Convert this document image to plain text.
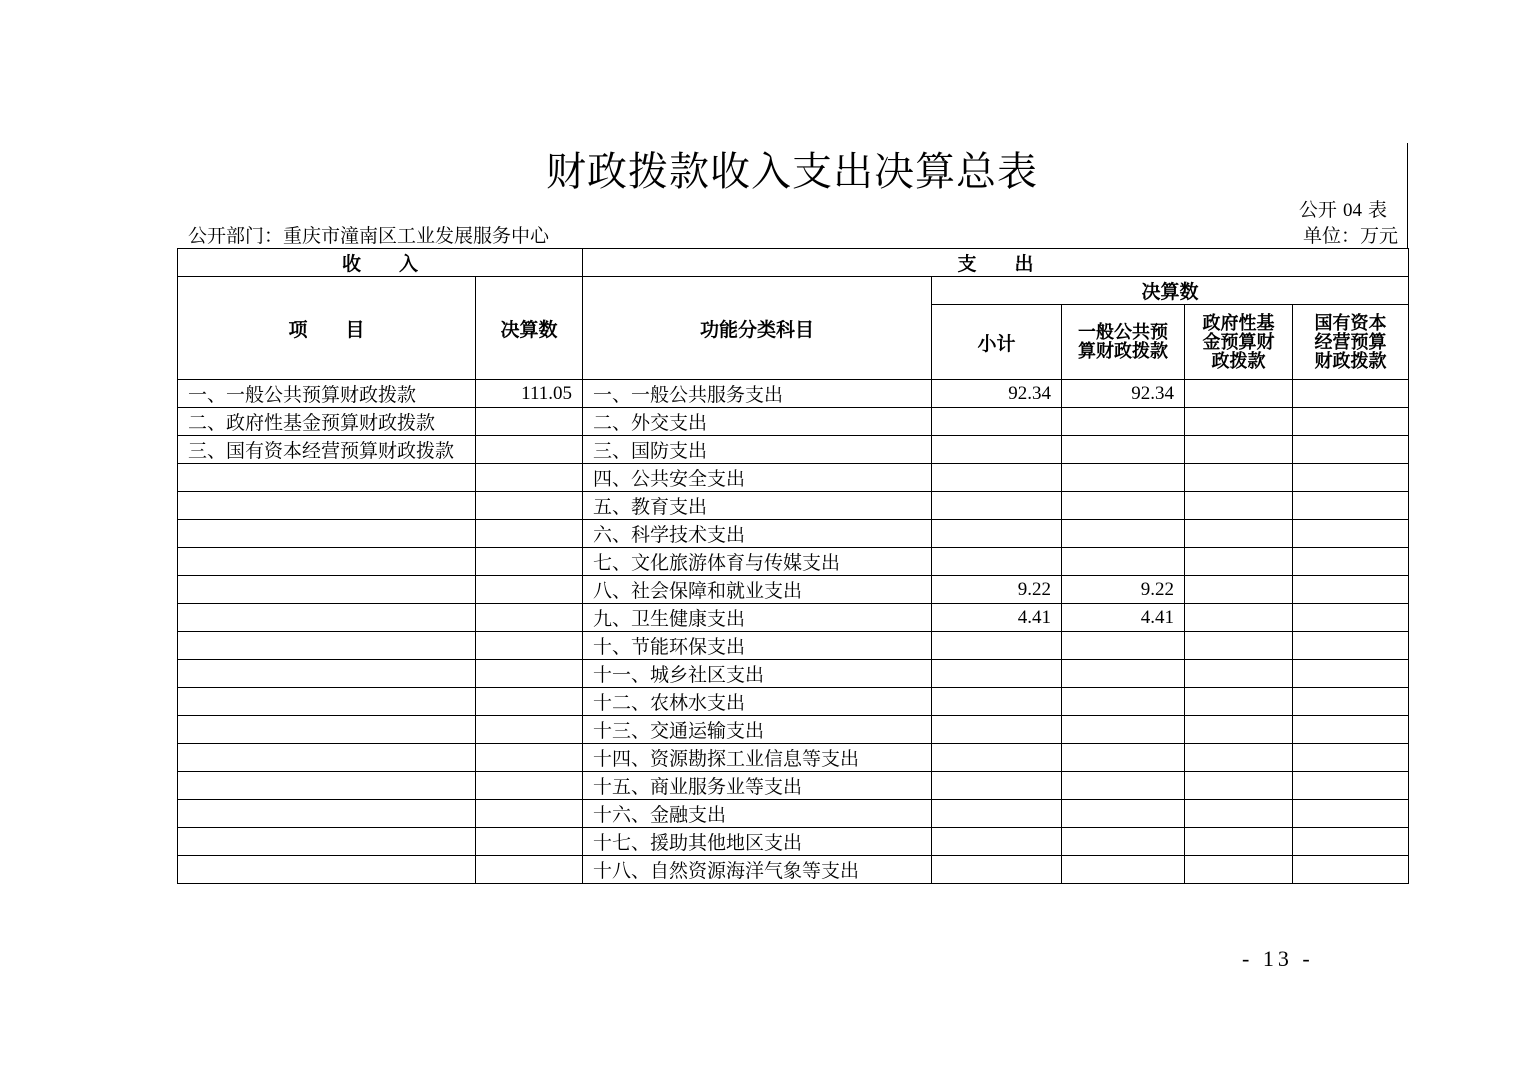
财政拨款收入支出决算总表
公开 04 表
公开部门：重庆市潼南区工业发展服务中心	单位：万元
收　　入		支　　出				
项　　目	决算数	功能分类科目	决算数			
			小计	一般公共预算财政拨款	政府性基金预算财政拨款	国有资本经营预算财政拨款
一、一般公共预算财政拨款	111.05	一、一般公共服务支出	92.34	92.34		
二、政府性基金预算财政拨款		二、外交支出				
三、国有资本经营预算财政拨款		三、国防支出				
		四、公共安全支出				
		五、教育支出				
		六、科学技术支出				
		七、文化旅游体育与传媒支出				
		八、社会保障和就业支出	9.22	9.22		
		九、卫生健康支出	4.41	4.41		
		十、节能环保支出				
		十一、城乡社区支出				
		十二、农林水支出				
		十三、交通运输支出				
		十四、资源勘探工业信息等支出				
		十五、商业服务业等支出				
		十六、金融支出				
		十七、援助其他地区支出				
		十八、自然资源海洋气象等支出				
- 13 -
